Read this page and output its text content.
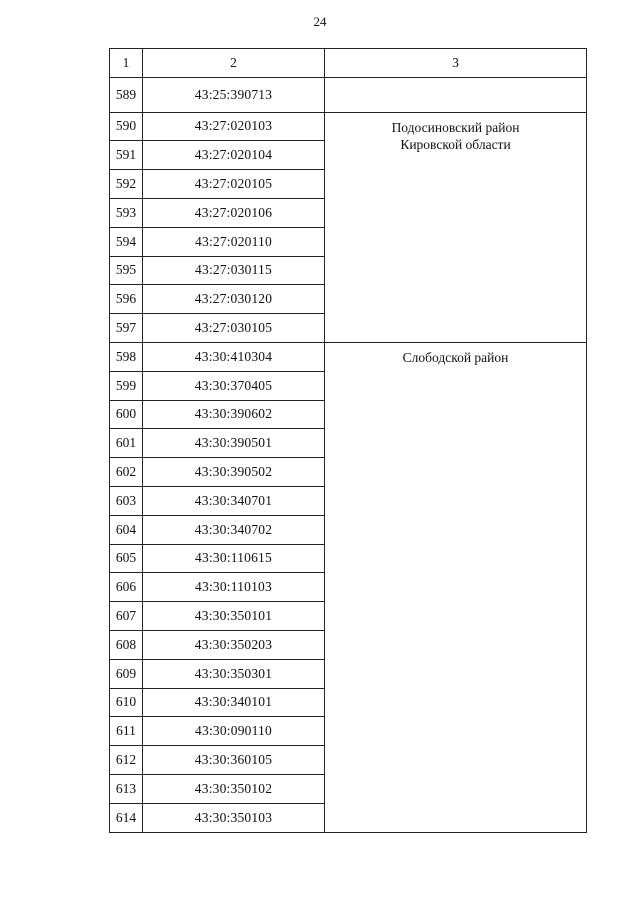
24
1	2	3
589	43:25:390713	
590	43:27:020103	Подосиновский район
Кировской области

591	43:27:020104	
592	43:27:020105	
593	43:27:020106	
594	43:27:020110	
595	43:27:030115	
596	43:27:030120	
597	43:27:030105	
598	43:30:410304	Слободской район

599	43:30:370405	
600	43:30:390602	
601	43:30:390501	
602	43:30:390502	
603	43:30:340701	
604	43:30:340702	
605	43:30:110615	
606	43:30:110103	
607	43:30:350101	
608	43:30:350203	
609	43:30:350301	
610	43:30:340101	
611	43:30:090110	
612	43:30:360105	
613	43:30:350102	
614	43:30:350103	
